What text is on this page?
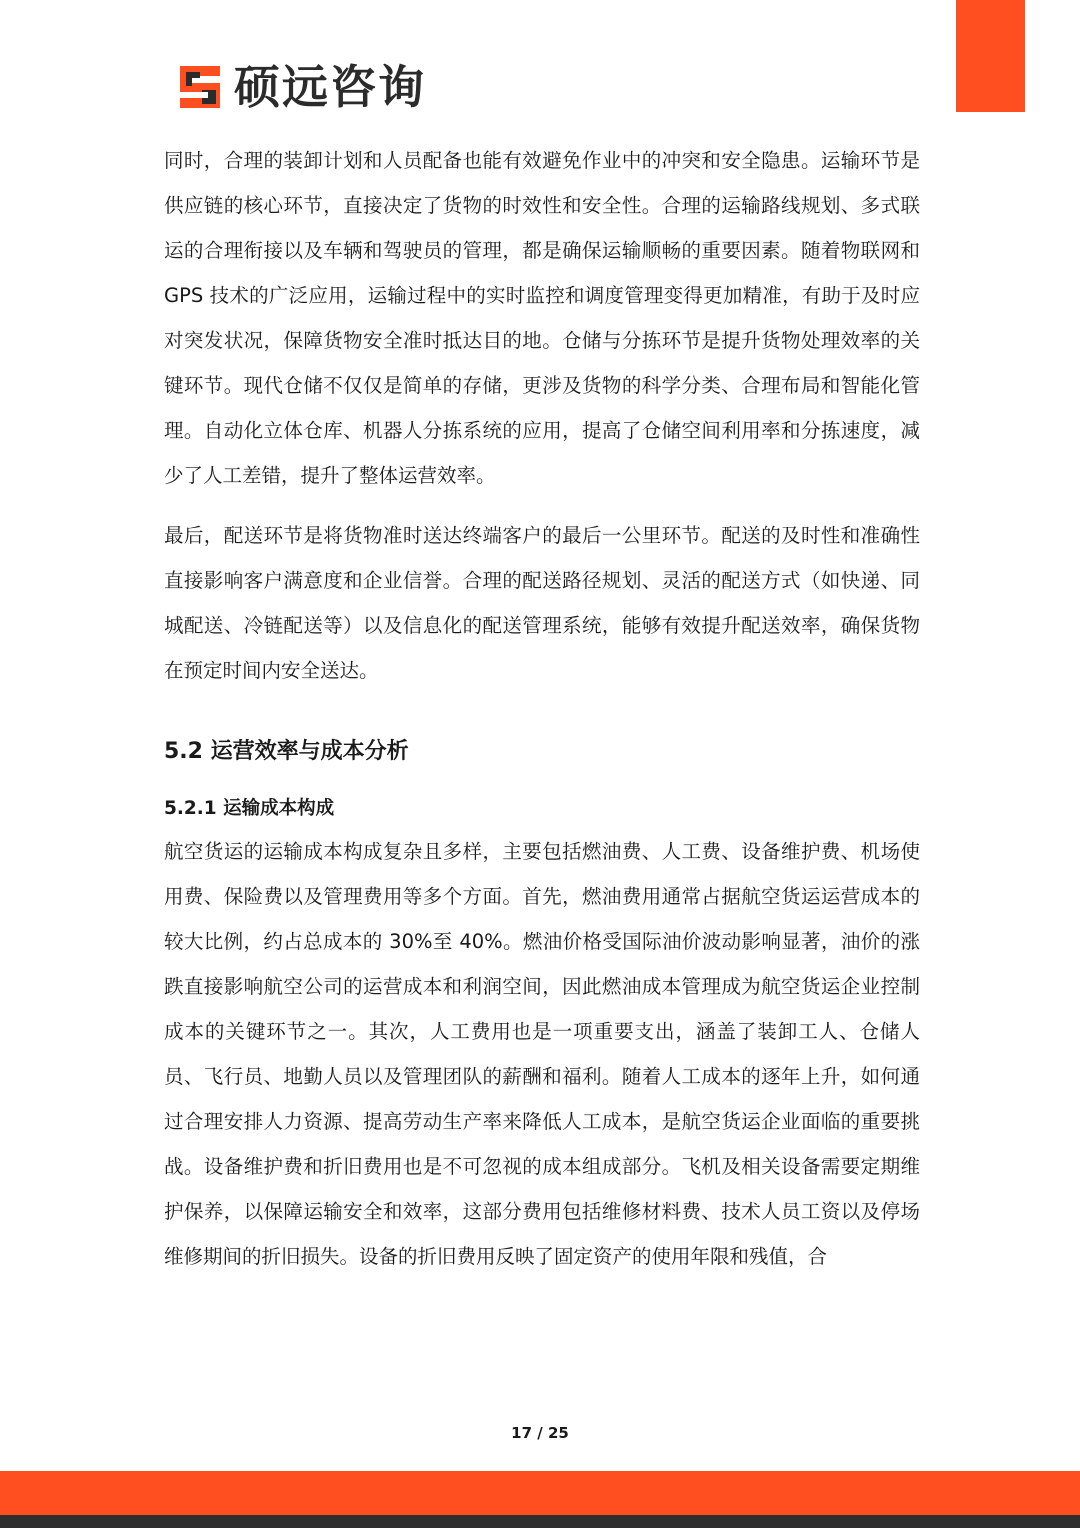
硕远咨询

同时，合理的装卸计划和人员配备也能有效避免作业中的冲突和安全隐患。运输环节是供应链的核心环节，直接决定了货物的时效性和安全性。合理的运输路线规划、多式联运的合理衔接以及车辆和驾驶员的管理，都是确保运输顺畅的重要因素。随着物联网和 GPS 技术的广泛应用，运输过程中的实时监控和调度管理变得更加精准，有助于及时应对突发状况，保障货物安全准时抵达目的地。仓储与分拣环节是提升货物处理效率的关键环节。现代仓储不仅仅是简单的存储，更涉及货物的科学分类、合理布局和智能化管理。自动化立体仓库、机器人分拣系统的应用，提高了仓储空间利用率和分拣速度，减少了人工差错，提升了整体运营效率。

最后，配送环节是将货物准时送达终端客户的最后一公里环节。配送的及时性和准确性直接影响客户满意度和企业信誉。合理的配送路径规划、灵活的配送方式（如快递、同城配送、冷链配送等）以及信息化的配送管理系统，能够有效提升配送效率，确保货物在预定时间内安全送达。

5.2 运营效率与成本分析
5.2.1 运输成本构成

航空货运的运输成本构成复杂且多样，主要包括燃油费、人工费、设备维护费、机场使用费、保险费以及管理费用等多个方面。首先，燃油费用通常占据航空货运运营成本的较大比例，约占总成本的 30%至 40%。燃油价格受国际油价波动影响显著，油价的涨跌直接影响航空公司的运营成本和利润空间，因此燃油成本管理成为航空货运企业控制成本的关键环节之一。其次，人工费用也是一项重要支出，涵盖了装卸工人、仓储人员、飞行员、地勤人员以及管理团队的薪酬和福利。随着人工成本的逐年上升，如何通过合理安排人力资源、提高劳动生产率来降低人工成本，是航空货运企业面临的重要挑战。设备维护费和折旧费用也是不可忽视的成本组成部分。飞机及相关设备需要定期维护保养，以保障运输安全和效率，这部分费用包括维修材料费、技术人员工资以及停场维修期间的折旧损失。设备的折旧费用反映了固定资产的使用年限和残值，合

17 / 25
